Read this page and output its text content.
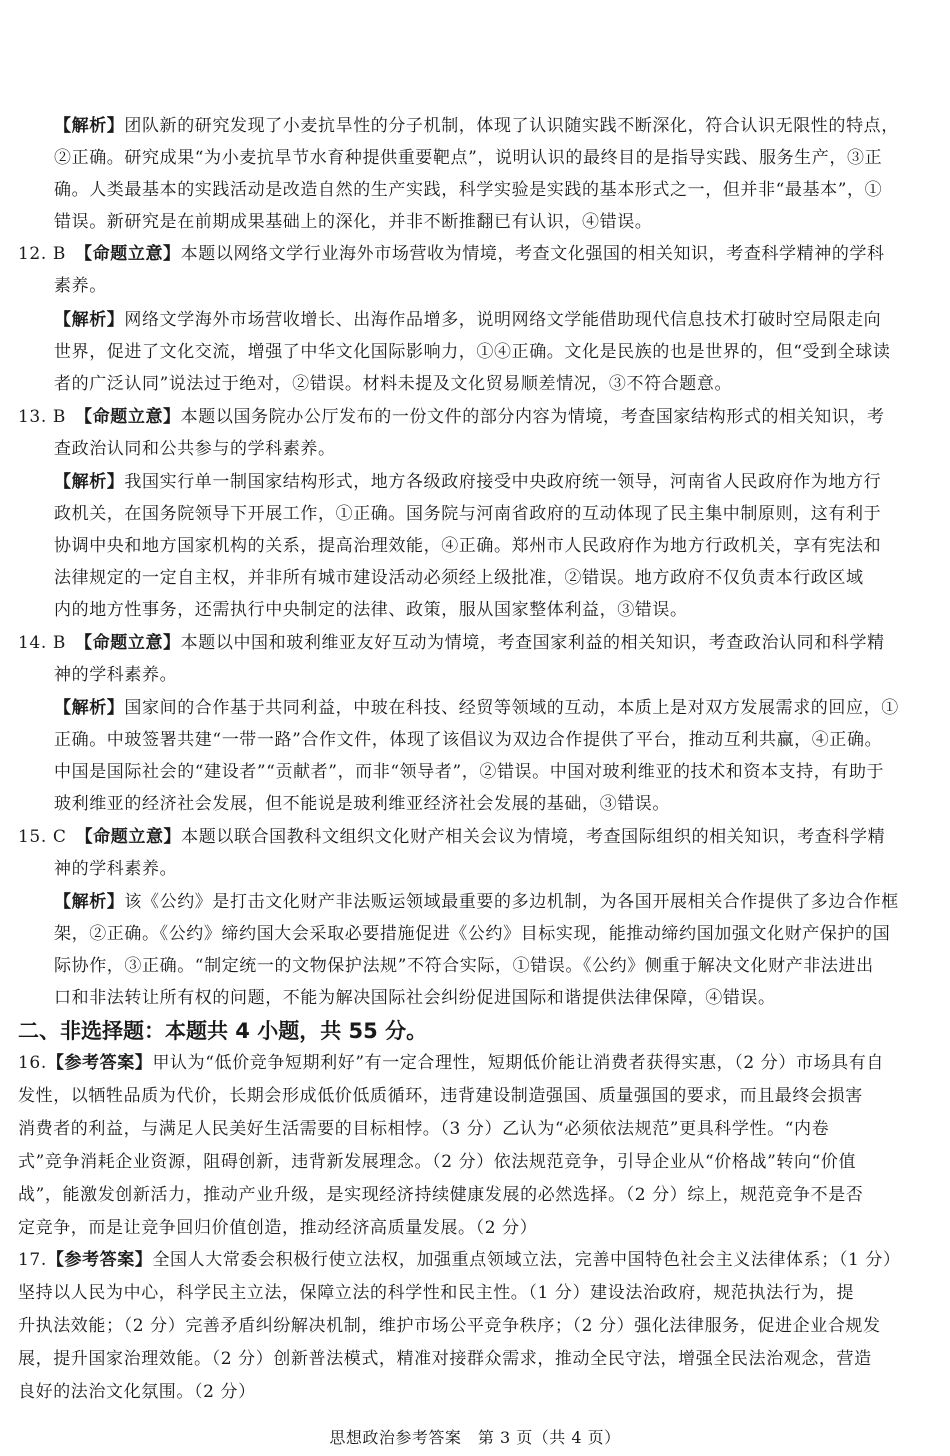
【解析】团队新的研究发现了小麦抗旱性的分子机制，体现了认识随实践不断深化，符合认识无限性的特点，
②正确。研究成果“为小麦抗旱节水育种提供重要靶点”，说明认识的最终目的是指导实践、服务生产，③正
确。人类最基本的实践活动是改造自然的生产实践，科学实验是实践的基本形式之一，但并非“最基本”，①
错误。新研究是在前期成果基础上的深化，并非不断推翻已有认识，④错误。
12. B　 【命题立意】本题以网络文学行业海外市场营收为情境，考查文化强国的相关知识，考查科学精神的学科
素养。
【解析】网络文学海外市场营收增长、出海作品增多，说明网络文学能借助现代信息技术打破时空局限走向
世界，促进了文化交流，增强了中华文化国际影响力，①④正确。文化是民族的也是世界的，但“受到全球读
者的广泛认同”说法过于绝对，②错误。材料未提及文化贸易顺差情况，③不符合题意。
13. B　 【命题立意】本题以国务院办公厅发布的一份文件的部分内容为情境，考查国家结构形式的相关知识，考
查政治认同和公共参与的学科素养。
【解析】我国实行单一制国家结构形式，地方各级政府接受中央政府统一领导，河南省人民政府作为地方行
政机关，在国务院领导下开展工作，①正确。国务院与河南省政府的互动体现了民主集中制原则，这有利于
协调中央和地方国家机构的关系，提高治理效能，④正确。郑州市人民政府作为地方行政机关，享有宪法和
法律规定的一定自主权，并非所有城市建设活动必须经上级批准，②错误。地方政府不仅负责本行政区域
内的地方性事务，还需执行中央制定的法律、政策，服从国家整体利益，③错误。
14. B　 【命题立意】本题以中国和玻利维亚友好互动为情境，考查国家利益的相关知识，考查政治认同和科学精
神的学科素养。
【解析】国家间的合作基于共同利益，中玻在科技、经贸等领域的互动，本质上是对双方发展需求的回应，①
正确。中玻签署共建“一带一路”合作文件，体现了该倡议为双边合作提供了平台，推动互利共赢，④正确。
中国是国际社会的“建设者”“贡献者”，而非“领导者”，②错误。中国对玻利维亚的技术和资本支持，有助于
玻利维亚的经济社会发展，但不能说是玻利维亚经济社会发展的基础，③错误。
15. C　 【命题立意】本题以联合国教科文组织文化财产相关会议为情境，考查国际组织的相关知识，考查科学精
神的学科素养。
【解析】该《公约》是打击文化财产非法贩运领域最重要的多边机制，为各国开展相关合作提供了多边合作框
架，②正确。《公约》缔约国大会采取必要措施促进《公约》目标实现，能推动缔约国加强文化财产保护的国
际协作，③正确。“制定统一的文物保护法规”不符合实际，①错误。《公约》侧重于解决文化财产非法进出
口和非法转让所有权的问题，不能为解决国际社会纠纷促进国际和谐提供法律保障，④错误。
二、非选择题：本题共 4 小题，共 55 分。
16.【参考答案】甲认为“低价竞争短期利好”有一定合理性，短期低价能让消费者获得实惠，（2 分）市场具有自
发性，以牺牲品质为代价，长期会形成低价低质循环，违背建设制造强国、质量强国的要求，而且最终会损害
消费者的利益，与满足人民美好生活需要的目标相悖。（3 分）乙认为“必须依法规范”更具科学性。“内卷
式”竞争消耗企业资源，阻碍创新，违背新发展理念。（2 分）依法规范竞争，引导企业从“价格战”转向“价值
战”，能激发创新活力，推动产业升级，是实现经济持续健康发展的必然选择。（2 分）综上，规范竞争不是否
定竞争，而是让竞争回归价值创造，推动经济高质量发展。（2 分）
17.【参考答案】全国人大常委会积极行使立法权，加强重点领域立法，完善中国特色社会主义法律体系；（1 分）
坚持以人民为中心，科学民主立法，保障立法的科学性和民主性。（1 分）建设法治政府，规范执法行为，提
升执法效能；（2 分）完善矛盾纠纷解决机制，维护市场公平竞争秩序；（2 分）强化法律服务，促进企业合规发
展，提升国家治理效能。（2 分）创新普法模式，精准对接群众需求，推动全民守法，增强全民法治观念，营造
良好的法治文化氛围。（2 分）
思想政治参考答案　第 3 页（共 4 页）
